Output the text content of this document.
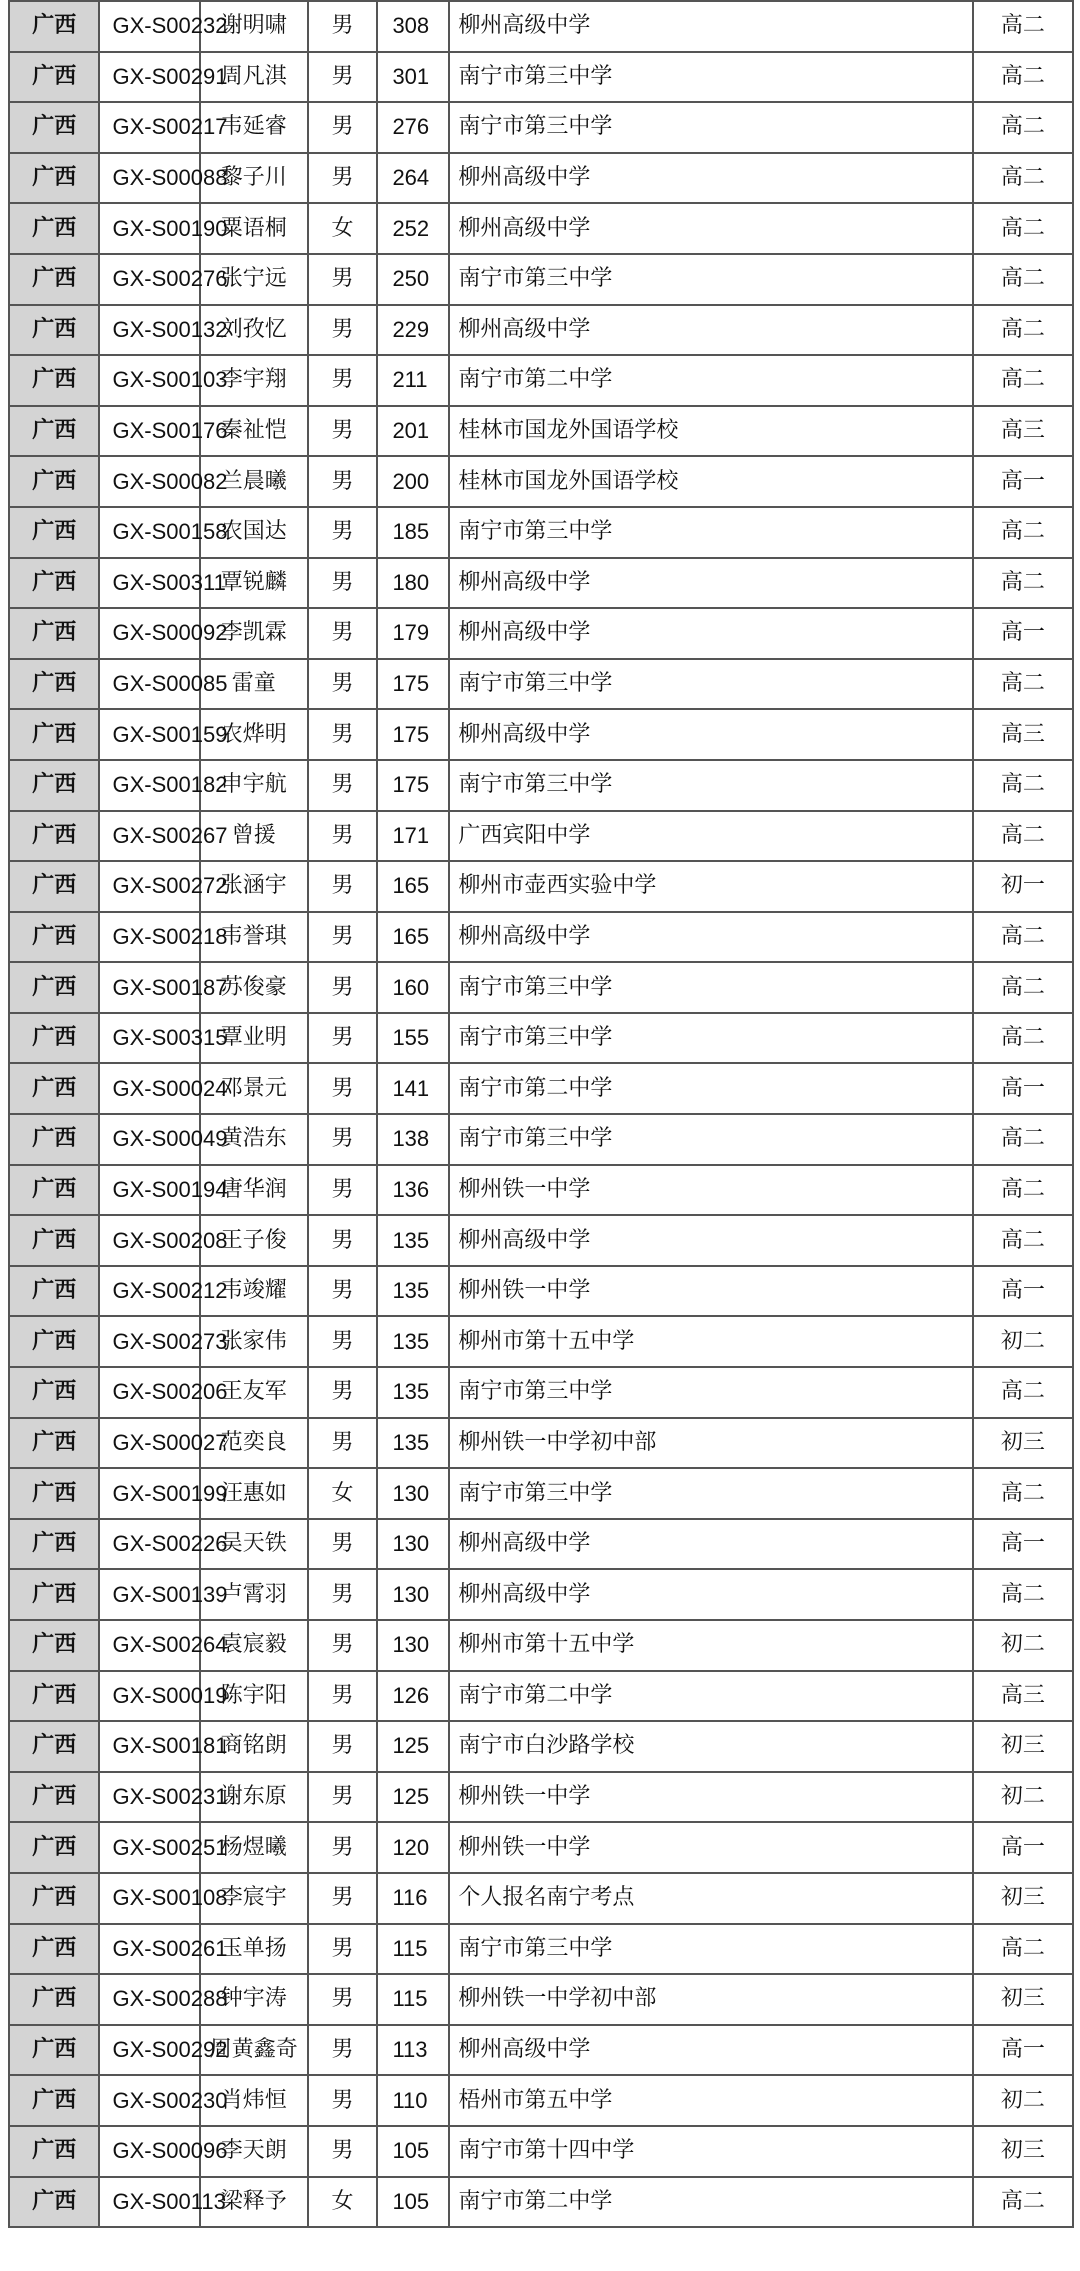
广西	GX-S00232	谢明啸	男	308	柳州高级中学	高二
广西	GX-S00291	周凡淇	男	301	南宁市第三中学	高二
广西	GX-S00217	韦延睿	男	276	南宁市第三中学	高二
广西	GX-S00088	黎子川	男	264	柳州高级中学	高二
广西	GX-S00190	粟语桐	女	252	柳州高级中学	高二
广西	GX-S00276	张宁远	男	250	南宁市第三中学	高二
广西	GX-S00132	刘孜忆	男	229	柳州高级中学	高二
广西	GX-S00103	李宇翔	男	211	南宁市第二中学	高二
广西	GX-S00176	秦祉恺	男	201	桂林市国龙外国语学校	高三
广西	GX-S00082	兰晨曦	男	200	桂林市国龙外国语学校	高一
广西	GX-S00158	农国达	男	185	南宁市第三中学	高二
广西	GX-S00311	覃锐麟	男	180	柳州高级中学	高二
广西	GX-S00092	李凯霖	男	179	柳州高级中学	高一
广西	GX-S00085	雷童	男	175	南宁市第三中学	高二
广西	GX-S00159	农烨明	男	175	柳州高级中学	高三
广西	GX-S00182	申宇航	男	175	南宁市第三中学	高二
广西	GX-S00267	曾援	男	171	广西宾阳中学	高二
广西	GX-S00272	张涵宇	男	165	柳州市壶西实验中学	初一
广西	GX-S00218	韦誉琪	男	165	柳州高级中学	高二
广西	GX-S00187	苏俊豪	男	160	南宁市第三中学	高二
广西	GX-S00315	覃业明	男	155	南宁市第三中学	高二
广西	GX-S00024	邓景元	男	141	南宁市第二中学	高一
广西	GX-S00049	黄浩东	男	138	南宁市第三中学	高二
广西	GX-S00194	唐华润	男	136	柳州铁一中学	高二
广西	GX-S00208	王子俊	男	135	柳州高级中学	高二
广西	GX-S00212	韦竣耀	男	135	柳州铁一中学	高一
广西	GX-S00273	张家伟	男	135	柳州市第十五中学	初二
广西	GX-S00206	王友军	男	135	南宁市第三中学	高二
广西	GX-S00027	范奕良	男	135	柳州铁一中学初中部	初三
广西	GX-S00199	汪惠如	女	130	南宁市第三中学	高二
广西	GX-S00226	吴天铁	男	130	柳州高级中学	高一
广西	GX-S00139	卢霄羽	男	130	柳州高级中学	高二
广西	GX-S00264	袁宸毅	男	130	柳州市第十五中学	初二
广西	GX-S00019	陈宇阳	男	126	南宁市第二中学	高三
广西	GX-S00181	商铭朗	男	125	南宁市白沙路学校	初三
广西	GX-S00231	谢东原	男	125	柳州铁一中学	初二
广西	GX-S00251	杨煜曦	男	120	柳州铁一中学	高一
广西	GX-S00108	李宸宇	男	116	个人报名南宁考点	初三
广西	GX-S00261	玉单扬	男	115	南宁市第三中学	高二
广西	GX-S00288	钟宇涛	男	115	柳州铁一中学初中部	初三
广西	GX-S00292	周黄鑫奇	男	113	柳州高级中学	高一
广西	GX-S00230	肖炜恒	男	110	梧州市第五中学	初二
广西	GX-S00096	李天朗	男	105	南宁市第十四中学	初三
广西	GX-S00113	梁释予	女	105	南宁市第二中学	高二
